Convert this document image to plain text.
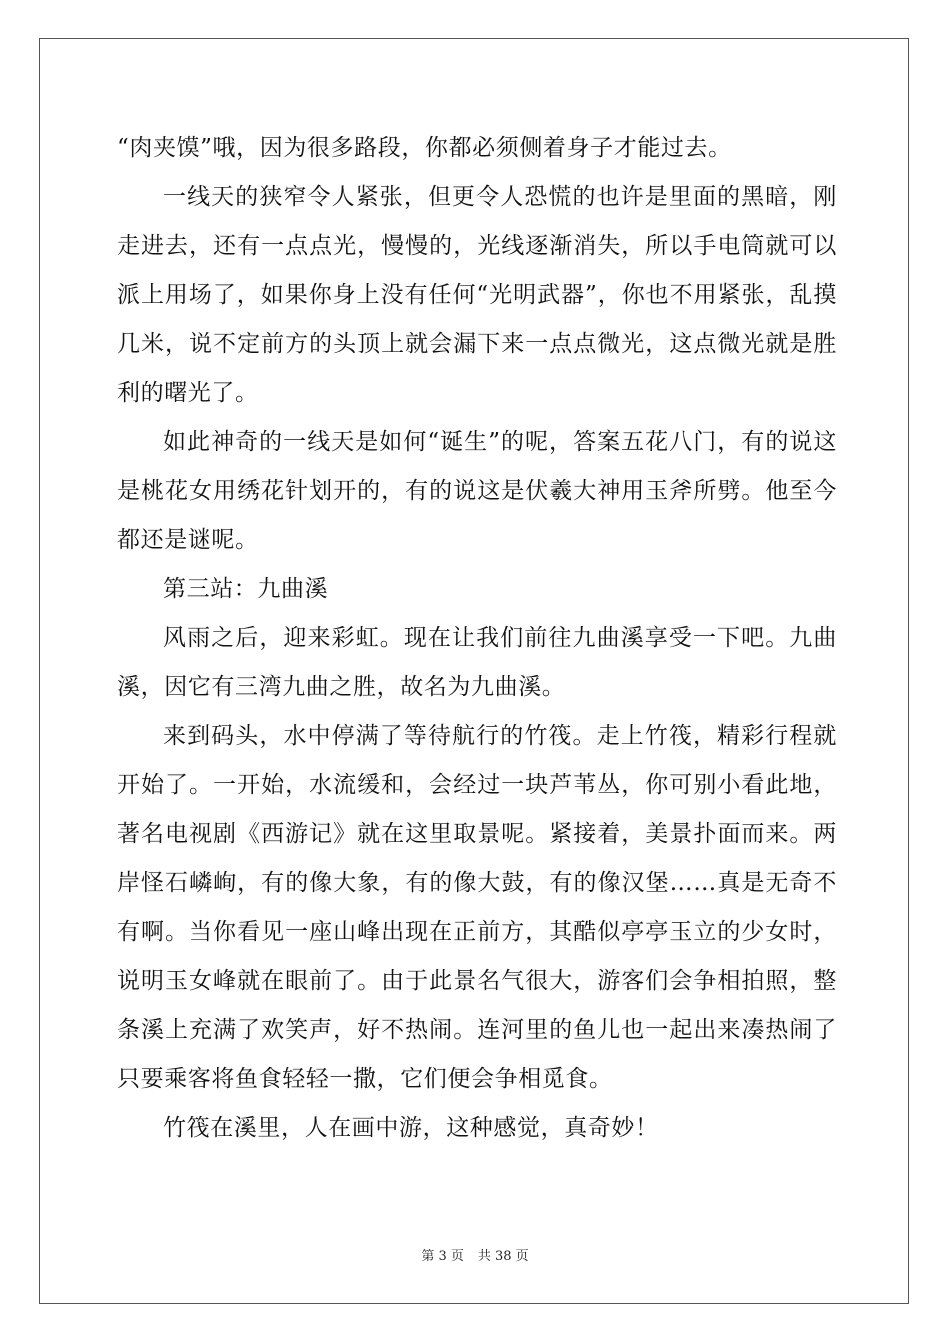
“肉夹馍”哦，因为很多路段，你都必须侧着身子才能过去。

一线天的狭窄令人紧张，但更令人恐慌的也许是里面的黑暗，刚走进去，还有一点点光，慢慢的，光线逐渐消失，所以手电筒就可以派上用场了，如果你身上没有任何“光明武器”，你也不用紧张，乱摸几米，说不定前方的头顶上就会漏下来一点点微光，这点微光就是胜利的曙光了。

如此神奇的一线天是如何“诞生”的呢，答案五花八门，有的说这是桃花女用绣花针划开的，有的说这是伏羲大神用玉斧所劈。他至今都还是谜呢。

第三站：九曲溪

风雨之后，迎来彩虹。现在让我们前往九曲溪享受一下吧。九曲溪，因它有三湾九曲之胜，故名为九曲溪。

来到码头，水中停满了等待航行的竹筏。走上竹筏，精彩行程就开始了。一开始，水流缓和，会经过一块芦苇丛，你可别小看此地，著名电视剧《西游记》就在这里取景呢。紧接着，美景扑面而来。两岸怪石嶙峋，有的像大象，有的像大鼓，有的像汉堡……真是无奇不有啊。当你看见一座山峰出现在正前方，其酷似亭亭玉立的少女时，说明玉女峰就在眼前了。由于此景名气很大，游客们会争相拍照，整条溪上充满了欢笑声，好不热闹。连河里的鱼儿也一起出来凑热闹了只要乘客将鱼食轻轻一撒，它们便会争相觅食。

竹筏在溪里，人在画中游，这种感觉，真奇妙！

第 3 页 共 38 页
